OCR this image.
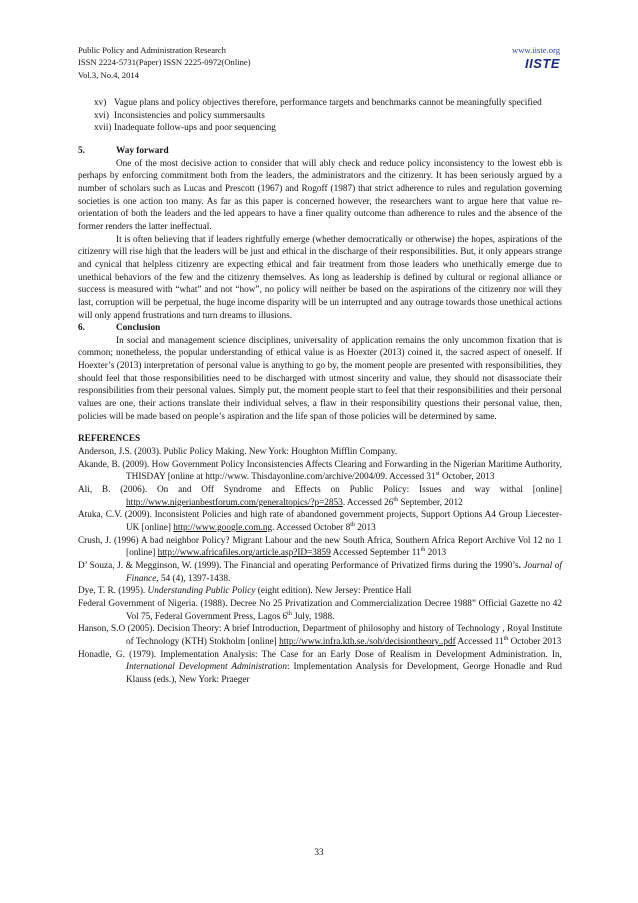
Public Policy and Administration Research
ISSN 2224-5731(Paper) ISSN 2225-0972(Online)
Vol.3, No.4, 2014
www.iiste.org
IISTE
xv) Vague plans and policy objectives therefore, performance targets and benchmarks cannot be meaningfully specified
xvi) Inconsistencies and policy summersaults
xvii) Inadequate follow-ups and poor sequencing
5.	Way forward

One of the most decisive action to consider that will ably check and reduce policy inconsistency to the lowest ebb is perhaps by enforcing commitment both from the leaders, the administrators and the citizenry. It has been seriously argued by a number of scholars such as Lucas and Prescott (1967) and Rogoff (1987) that strict adherence to rules and regulation governing societies is one action too many. As far as this paper is concerned however, the researchers want to argue here that value re-orientation of both the leaders and the led appears to have a finer quality outcome than adherence to rules and the absence of the former renders the latter ineffectual.

It is often believing that if leaders rightfully emerge (whether democratically or otherwise) the hopes, aspirations of the citizenry will rise high that the leaders will be just and ethical in the discharge of their responsibilities. But, it only appears strange and cynical that helpless citizenry are expecting ethical and fair treatment from those leaders who unethically emerge due to unethical behaviors of the few and the citizenry themselves. As long as leadership is defined by cultural or regional alliance or success is measured with “what” and not “how”, no policy will neither be based on the aspirations of the citizenry nor will they last, corruption will be perpetual, the huge income disparity will be un interrupted and any outrage towards those unethical actions will only append frustrations and turn dreams to illusions.

6.	Conclusion

In social and management science disciplines, universality of application remains the only uncommon fixation that is common; nonetheless, the popular understanding of ethical value is as Hoexter (2013) coined it, the sacred aspect of oneself. If Hoexter’s (2013) interpretation of personal value is anything to go by, the moment people are presented with responsibilities, they should feel that those responsibilities need to be discharged with utmost sincerity and value, they should not disassociate their responsibilities from their personal values. Simply put, the moment people start to feel that their responsibilities and their personal values are one, their actions translate their individual selves, a flaw in their responsibility questions their personal value, then, policies will be made based on people’s aspiration and the life span of those policies will be determined by same.

REFERENCES
Anderson, J.S. (2003). Public Policy Making. New York: Houghton Mifflin Company.
Akande, B. (2009). How Government Policy Inconsistencies Affects Clearing and Forwarding in the Nigerian Maritime Authority, THISDAY [online at http://www. Thisdayonline.com/archive/2004/09. Accessed 31st October, 2013
Ali, B. (2006). On and Off Syndrome and Effects on Public Policy: Issues and way withal [online] http://www.nigerianbestforum.com/generaltopics/?p=2853. Accessed 26th September, 2012
Atuka, C.V. (2009). Inconsistent Policies and high rate of abandoned government projects, Support Options A4 Group Liecester-UK [online] http://www.google.com.ng. Accessed October 8th 2013
Crush, J. (1996) A bad neighbor Policy? Migrant Labour and the new South Africa, Southern Africa Report Archive Vol 12 no 1 [online] http://www.africafiles.org/article.asp?ID=3859 Accessed September 11th 2013
D’ Souza, J. & Megginson, W. (1999). The Financial and operating Performance of Privatized firms during the 1990’s. Journal of Finance, 54 (4), 1397-1438.
Dye, T. R. (1995). Understanding Public Policy (eight edition). New Jersey: Prentice Hall
Federal Government of Nigeria. (1988). Decree No 25 Privatization and Commercialization Decree 1988” Official Gazette no 42 Vol 75, Federal Government Press, Lagos 6th July, 1988.
Hanson, S.O (2005). Decision Theory: A brief Introduction, Department of philosophy and history of Technology , Royal Institute of Technology (KTH) Stokholm [online] http://www.infra.kth.se./soh/decisiontheory..pdf Accessed 11th October 2013
Honadle, G. (1979). Implementation Analysis: The Case for an Early Dose of Realism in Development Administration. In, International Development Administration: Implementation Analysis for Development, George Honadle and Rud Klauss (eds.), New York: Praeger
33
